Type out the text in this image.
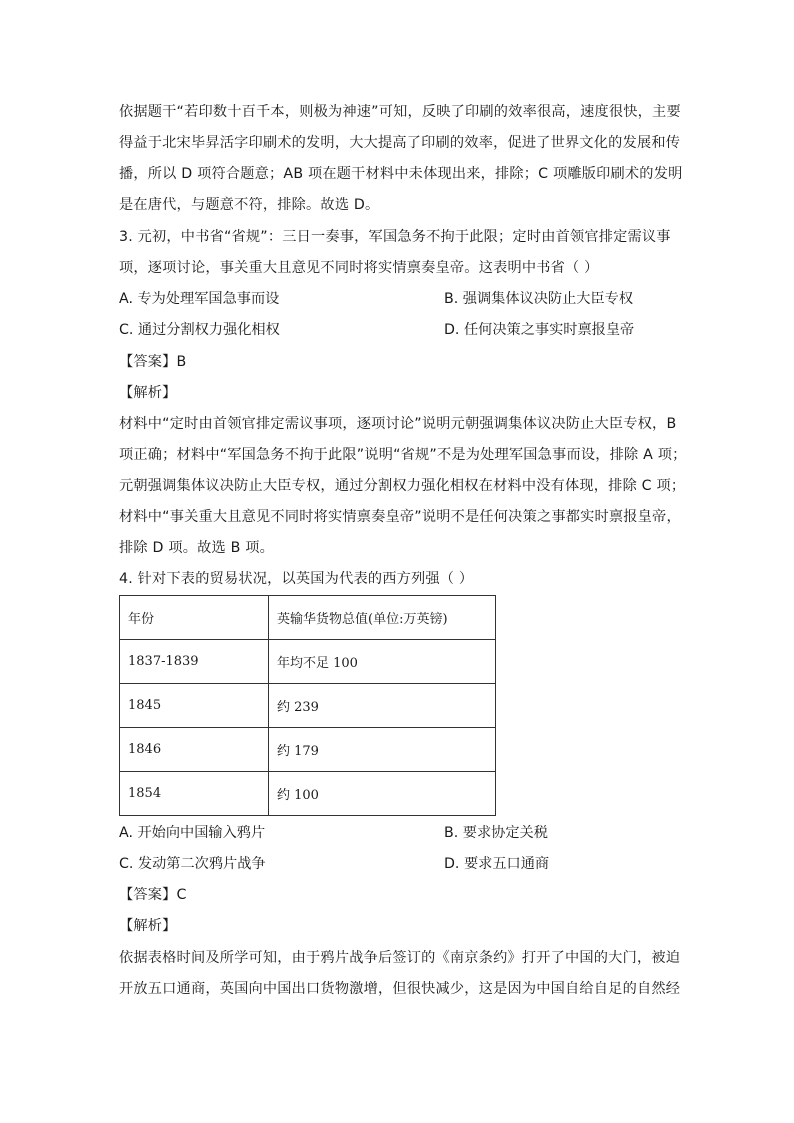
依据题干“若印数十百千本，则极为神速”可知，反映了印刷的效率很高，速度很快，主要
得益于北宋毕昇活字印刷术的发明，大大提高了印刷的效率，促进了世界文化的发展和传
播，所以 D 项符合题意；AB 项在题干材料中未体现出来，排除；C 项雕版印刷术的发明
是在唐代，与题意不符，排除。故选 D。
3. 元初，中书省“省规”：三日一奏事，军国急务不拘于此限；定时由首领官排定需议事
项，逐项讨论，事关重大且意见不同时将实情禀奏皇帝。这表明中书省（ ）
A. 专为处理军国急事而设	B. 强调集体议决防止大臣专权
C. 通过分割权力强化相权	D. 任何决策之事实时禀报皇帝
【答案】B
【解析】
材料中“定时由首领官排定需议事项，逐项讨论”说明元朝强调集体议决防止大臣专权，B
项正确；材料中“军国急务不拘于此限”说明“省规”不是为处理军国急事而设，排除 A 项；
元朝强调集体议决防止大臣专权，通过分割权力强化相权在材料中没有体现，排除 C 项；
材料中“事关重大且意见不同时将实情禀奏皇帝”说明不是任何决策之事都实时禀报皇帝，
排除 D 项。故选 B 项。
4. 针对下表的贸易状况，以英国为代表的西方列强（ ）
年份	英输华货物总值(单位:万英镑)
1837-1839	年均不足 100
1845	约 239
1846	约 179
1854	约 100
A. 开始向中国输入鸦片	B. 要求协定关税
C. 发动第二次鸦片战争	D. 要求五口通商
【答案】C
【解析】
依据表格时间及所学可知，由于鸦片战争后签订的《南京条约》打开了中国的大门，被迫
开放五口通商，英国向中国出口货物激增，但很快减少，这是因为中国自给自足的自然经
